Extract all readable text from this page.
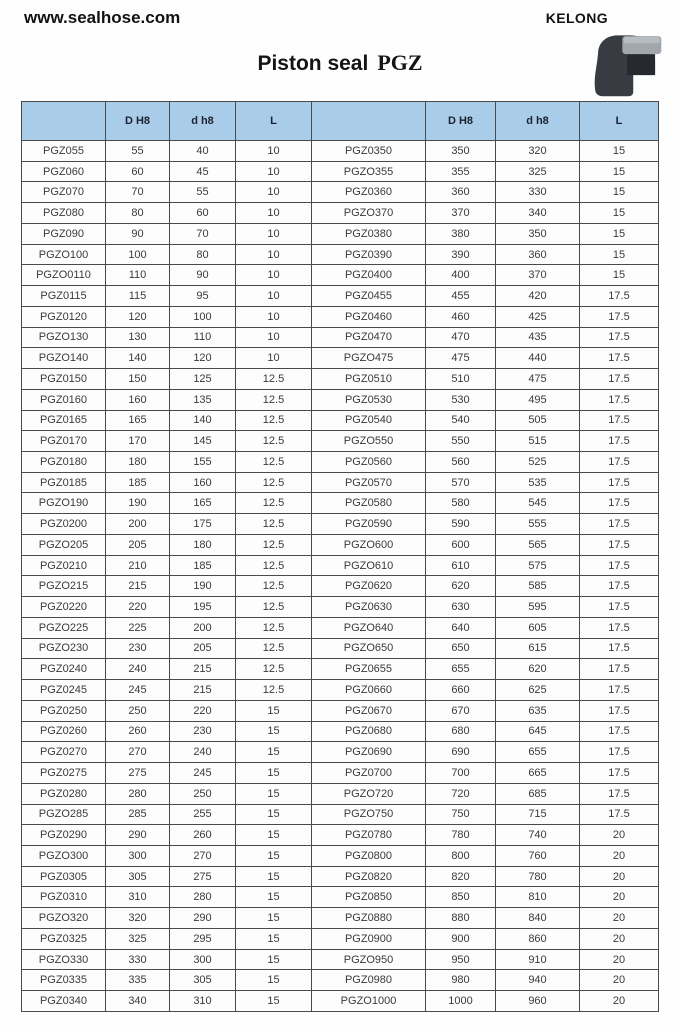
www.sealhose.com	KELONG
Piston seal PGZ
	D H8	d h8	L		D H8	d h8	L
PGZ055	55	40	10	PGZ0350	350	320	15
PGZ060	60	45	10	PGZO355	355	325	15
PGZ070	70	55	10	PGZ0360	360	330	15
PGZ080	80	60	10	PGZO370	370	340	15
PGZ090	90	70	10	PGZ0380	380	350	15
PGZO100	100	80	10	PGZ0390	390	360	15
PGZO0110	110	90	10	PGZ0400	400	370	15
PGZ0115	115	95	10	PGZ0455	455	420	17.5
PGZ0120	120	100	10	PGZ0460	460	425	17.5
PGZO130	130	110	10	PGZ0470	470	435	17.5
PGZO140	140	120	10	PGZO475	475	440	17.5
PGZ0150	150	125	12.5	PGZ0510	510	475	17.5
PGZ0160	160	135	12.5	PGZ0530	530	495	17.5
PGZ0165	165	140	12.5	PGZ0540	540	505	17.5
PGZ0170	170	145	12.5	PGZO550	550	515	17.5
PGZ0180	180	155	12.5	PGZ0560	560	525	17.5
PGZ0185	185	160	12.5	PGZ0570	570	535	17.5
PGZO190	190	165	12.5	PGZ0580	580	545	17.5
PGZ0200	200	175	12.5	PGZ0590	590	555	17.5
PGZO205	205	180	12.5	PGZO600	600	565	17.5
PGZ0210	210	185	12.5	PGZO610	610	575	17.5
PGZO215	215	190	12.5	PGZ0620	620	585	17.5
PGZ0220	220	195	12.5	PGZ0630	630	595	17.5
PGZO225	225	200	12.5	PGZO640	640	605	17.5
PGZO230	230	205	12.5	PGZO650	650	615	17.5
PGZ0240	240	215	12.5	PGZ0655	655	620	17.5
PGZ0245	245	215	12.5	PGZ0660	660	625	17.5
PGZ0250	250	220	15	PGZ0670	670	635	17.5
PGZ0260	260	230	15	PGZ0680	680	645	17.5
PGZ0270	270	240	15	PGZ0690	690	655	17.5
PGZ0275	275	245	15	PGZ0700	700	665	17.5
PGZ0280	280	250	15	PGZO720	720	685	17.5
PGZO285	285	255	15	PGZO750	750	715	17.5
PGZ0290	290	260	15	PGZ0780	780	740	20
PGZO300	300	270	15	PGZ0800	800	760	20
PGZ0305	305	275	15	PGZ0820	820	780	20
PGZ0310	310	280	15	PGZ0850	850	810	20
PGZO320	320	290	15	PGZ0880	880	840	20
PGZ0325	325	295	15	PGZ0900	900	860	20
PGZO330	330	300	15	PGZO950	950	910	20
PGZ0335	335	305	15	PGZ0980	980	940	20
PGZ0340	340	310	15	PGZO1000	1000	960	20
